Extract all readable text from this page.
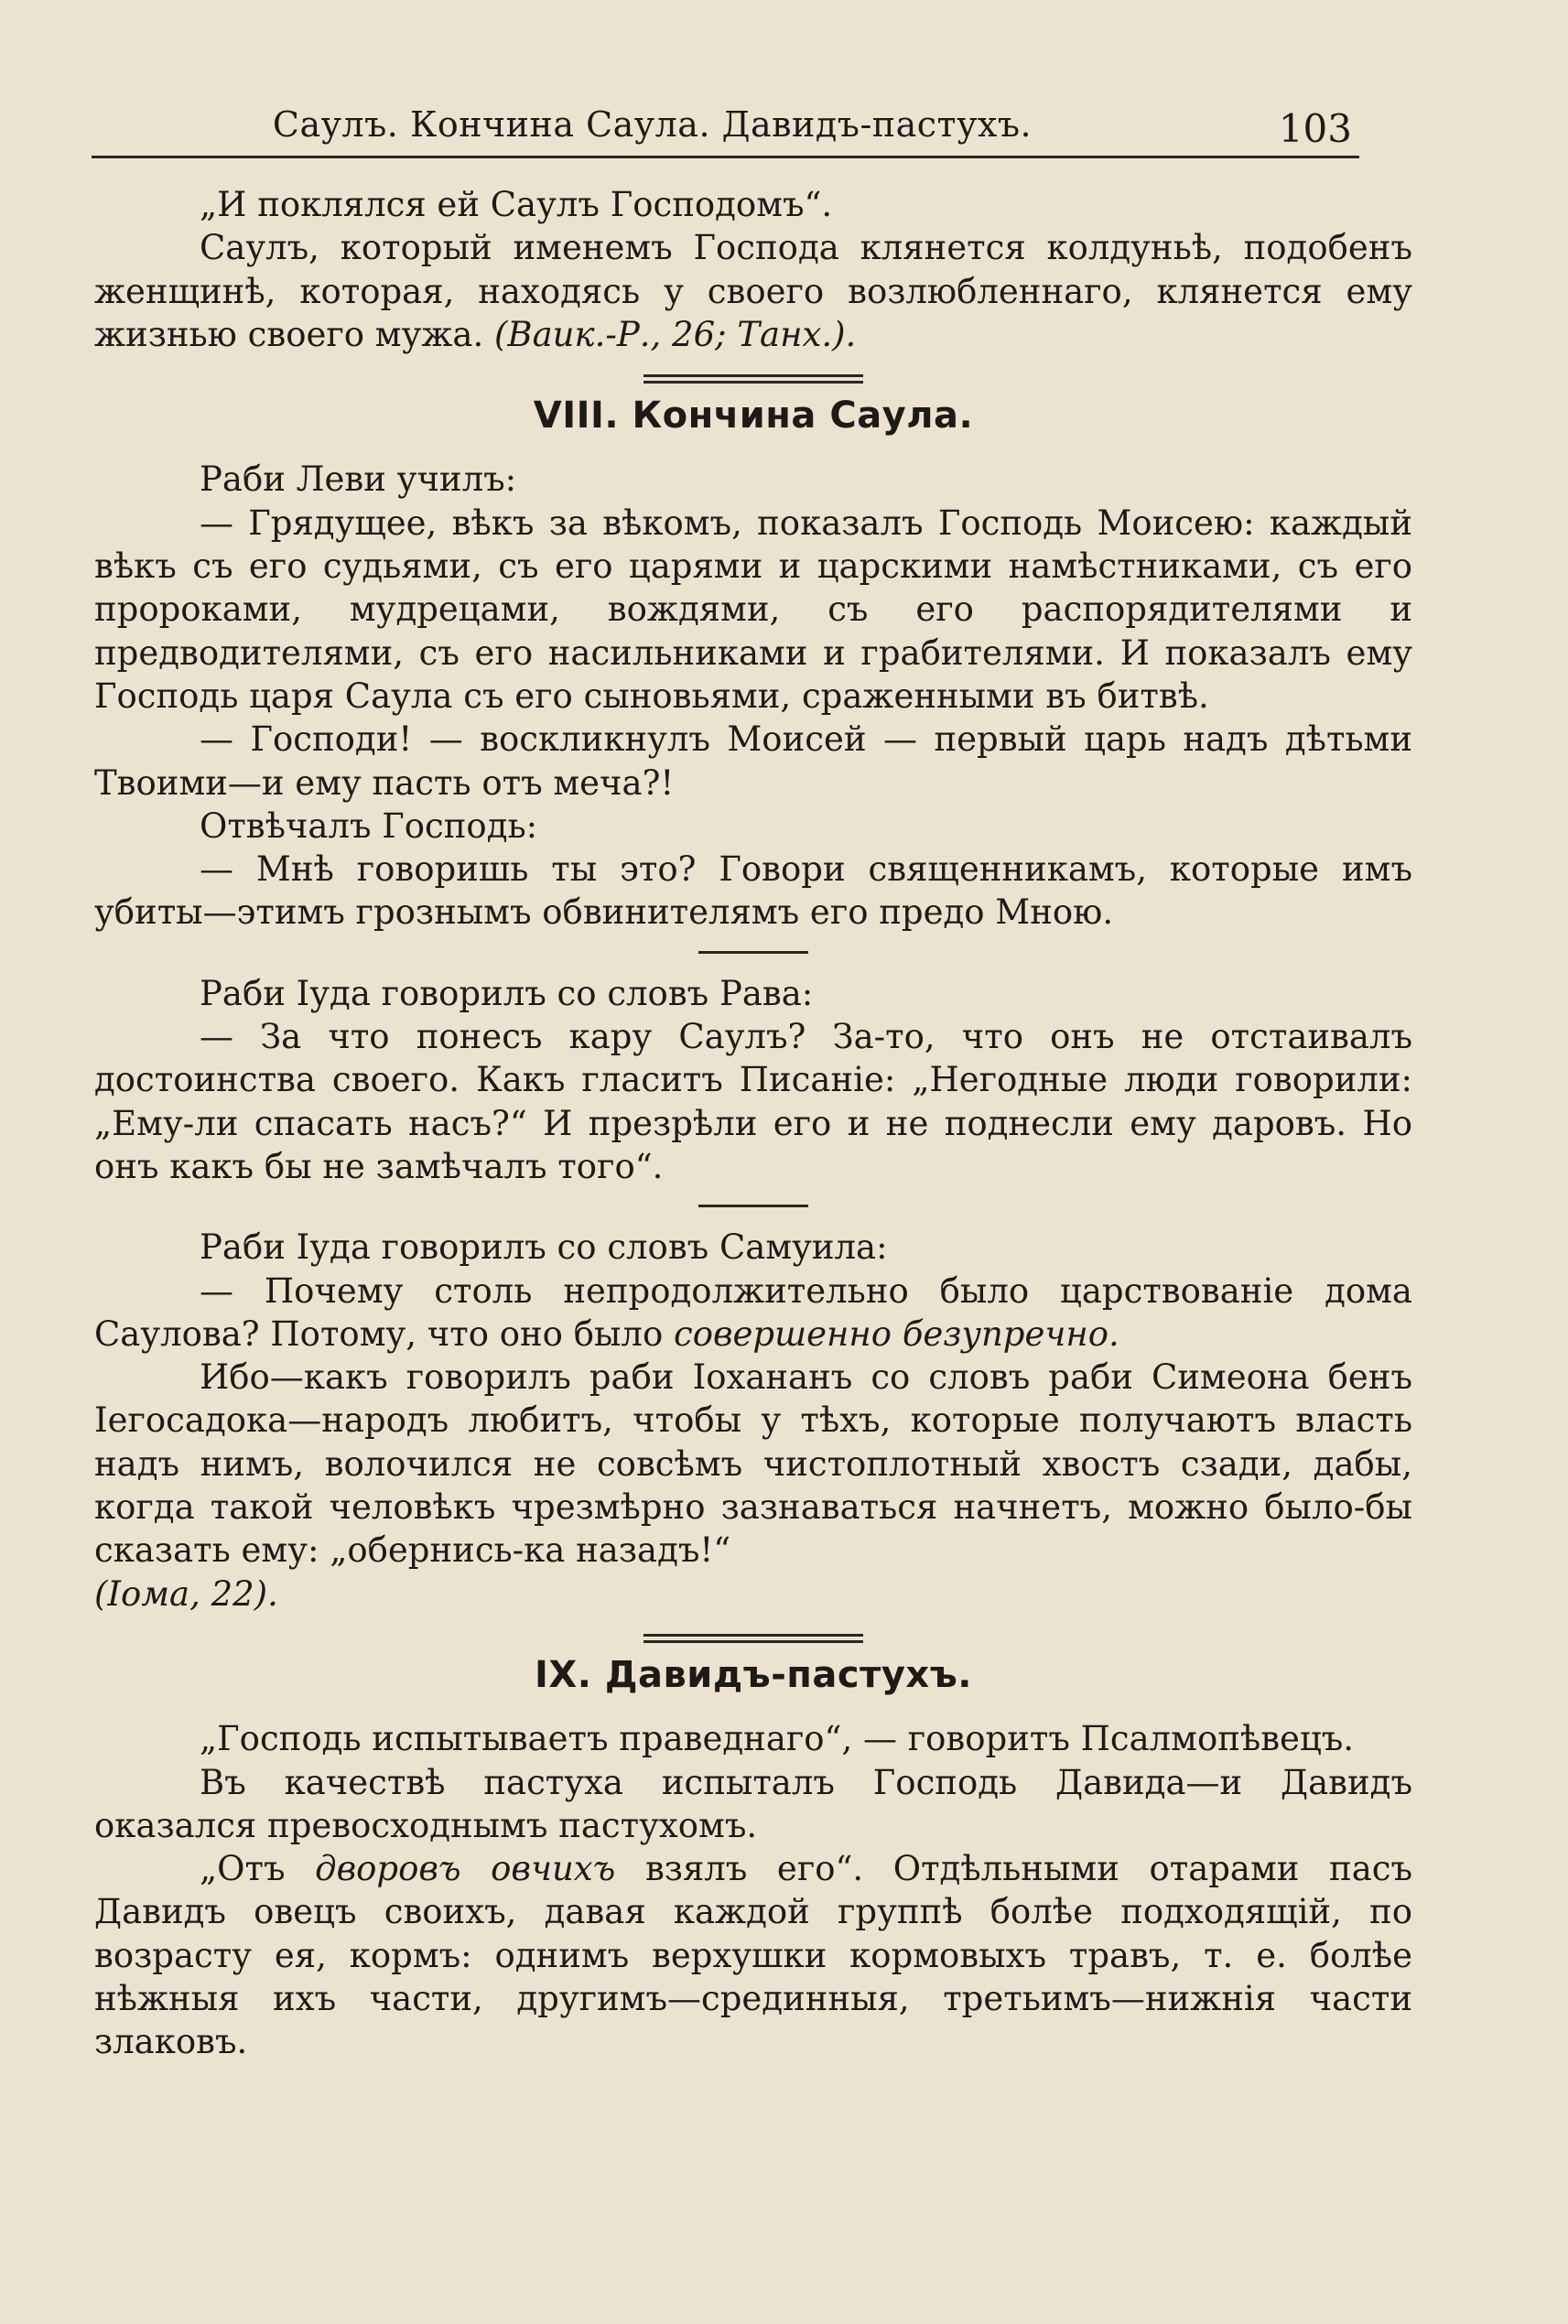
Саулъ. Кончина Саула. Давидъ-пастухъ.	103

„И поклялся ей Саулъ Господомъ“.

Саулъ, который именемъ Господа клянется колдуньѣ, подобенъ женщинѣ, которая, находясь у своего возлюбленнаго, клянется ему жизнью своего мужа. (Ваик.-Р., 26; Танх.).

VIII. Кончина Саула.

Раби Леви училъ:

— Грядущее, вѣкъ за вѣкомъ, показалъ Господь Моисею: каждый вѣкъ съ его судьями, съ его царями и царскими намѣстниками, съ его пророками, мудрецами, вождями, съ его распорядителями и предводителями, съ его насильниками и грабителями. И показалъ ему Господь царя Саула съ его сыновьями, сраженными въ битвѣ.

— Господи! — воскликнулъ Моисей — первый царь надъ дѣтьми Твоими—и ему пасть отъ меча?!

Отвѣчалъ Господь:

— Мнѣ говоришь ты это? Говори священникамъ, которые имъ убиты—этимъ грознымъ обвинителямъ его предо Мною.

Раби Іуда говорилъ со словъ Рава:

— За что понесъ кару Саулъ? За-то, что онъ не отстаивалъ достоинства своего. Какъ гласитъ Писаніе: „Негодные люди говорили: „Ему-ли спасать насъ?“ И презрѣли его и не поднесли ему даровъ. Но онъ какъ бы не замѣчалъ того“.

Раби Іуда говорилъ со словъ Самуила:

— Почему столь непродолжительно было царствованіе дома Саулова? Потому, что оно было совершенно безупречно.

Ибо—какъ говорилъ раби Іохананъ со словъ раби Симеона бенъ Іегосадока—народъ любитъ, чтобы у тѣхъ, которые получаютъ власть надъ нимъ, волочился не совсѣмъ чистоплотный хвостъ сзади, дабы, когда такой человѣкъ чрезмѣрно зазнаваться начнетъ, можно было-бы сказать ему: „обернись-ка назадъ!“

(Іома, 22).

IX. Давидъ-пастухъ.

„Господь испытываетъ праведнаго“, — говоритъ Псалмопѣвецъ.

Въ качествѣ пастуха испыталъ Господь Давида—и Давидъ оказался превосходнымъ пастухомъ.

„Отъ дворовъ овчихъ взялъ его“. Отдѣльными отарами пасъ Давидъ овецъ своихъ, давая каждой группѣ болѣе подходящій, по возрасту ея, кормъ: однимъ верхушки кормовыхъ травъ, т. е. болѣе нѣжныя ихъ части, другимъ—срединныя, третьимъ—нижнія части злаковъ.
